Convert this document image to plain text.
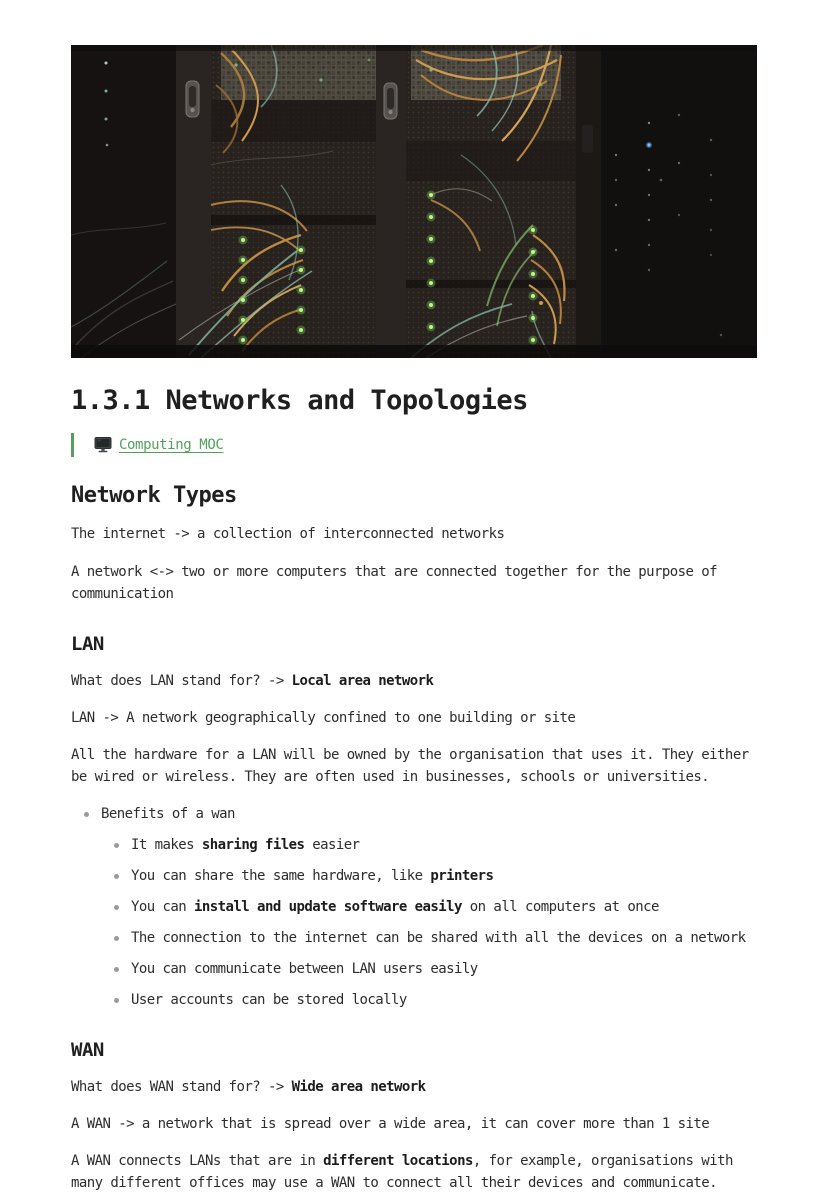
1.3.1 Networks and Topologies
Computing MOC
Network Types

The internet -> a collection of interconnected networks

A network <-> two or more computers that are connected together for the purpose of communication

LAN

What does LAN stand for? -> Local area network

LAN -> A network geographically confined to one building or site

All the hardware for a LAN will be owned by the organisation that uses it. They either be wired or wireless. They are often used in businesses, schools or universities.

Benefits of a wan
It makes sharing files easier
You can share the same hardware, like printers
You can install and update software easily on all computers at once
The connection to the internet can be shared with all the devices on a network
You can communicate between LAN users easily
User accounts can be stored locally
WAN

What does WAN stand for? -> Wide area network

A WAN -> a network that is spread over a wide area, it can cover more than 1 site

A WAN connects LANs that are in different locations, for example, organisations with many different offices may use a WAN to connect all their devices and communicate.
